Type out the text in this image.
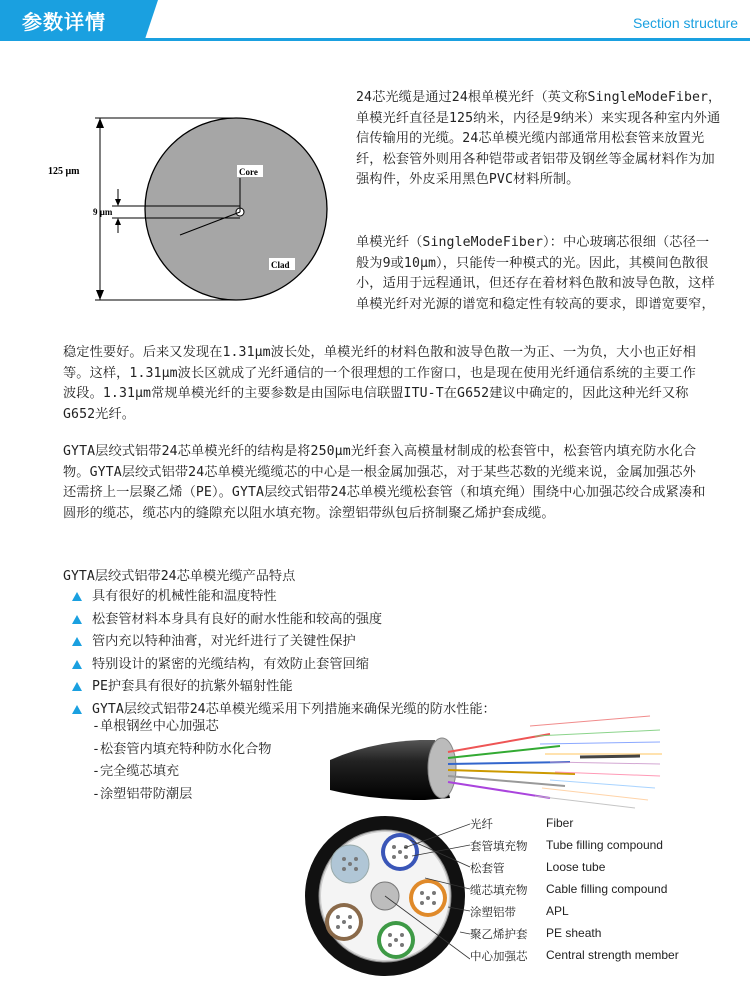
参数详情	Section structure
125 μm
9 μm
Core
Clad
24芯光缆是通过24根单模光纤（英文称SingleModeFiber，单模光纤直径是125纳米，内径是9纳米）来实现各种室内外通信传输用的光缆。24芯单模光缆内部通常用松套管来放置光纤，松套管外则用各种铠带或者铝带及钢丝等金属材料作为加强构件，外皮采用黑色PVC材料所制。
单模光纤（SingleModeFiber）：中心玻璃芯很细（芯径一般为9或10μm），只能传一种模式的光。因此，其模间色散很小，适用于远程通讯，但还存在着材料色散和波导色散，这样单模光纤对光源的谱宽和稳定性有较高的要求，即谱宽要窄，
稳定性要好。后来又发现在1.31μm波长处，单模光纤的材料色散和波导色散一为正、一为负，大小也正好相等。这样，1.31μm波长区就成了光纤通信的一个很理想的工作窗口，也是现在使用光纤通信系统的主要工作波段。1.31μm常规单模光纤的主要参数是由国际电信联盟ITU-T在G652建议中确定的，因此这种光纤又称G652光纤。
GYTA层绞式铝带24芯单模光纤的结构是将250μm光纤套入高模量材制成的松套管中，松套管内填充防水化合物。GYTA层绞式铝带24芯单模光缆缆芯的中心是一根金属加强芯，对于某些芯数的光缆来说，金属加强芯外还需挤上一层聚乙烯（PE）。GYTA层绞式铝带24芯单模光缆松套管（和填充绳）围绕中心加强芯绞合成紧凑和圆形的缆芯，缆芯内的缝隙充以阻水填充物。涂塑铝带纵包后挤制聚乙烯护套成缆。
GYTA层绞式铝带24芯单模光缆产品特点
具有很好的机械性能和温度特性
松套管材料本身具有良好的耐水性能和较高的强度
管内充以特种油膏，对光纤进行了关键性保护
特别设计的紧密的光缆结构，有效防止套管回缩
PE护套具有很好的抗紫外辐射性能
GYTA层绞式铝带24芯单模光缆采用下列措施来确保光缆的防水性能：
-单根钢丝中心加强芯
-松套管内填充特种防水化合物
-完全缆芯填充
-涂塑铝带防潮层
光纤	Fiber
套管填充物 Tube filling compound
松套管	Loose tube
缆芯填充物 Cable filling compound
涂塑铝带	APL
聚乙烯护套 PE sheath
中心加强芯 Central strength member
